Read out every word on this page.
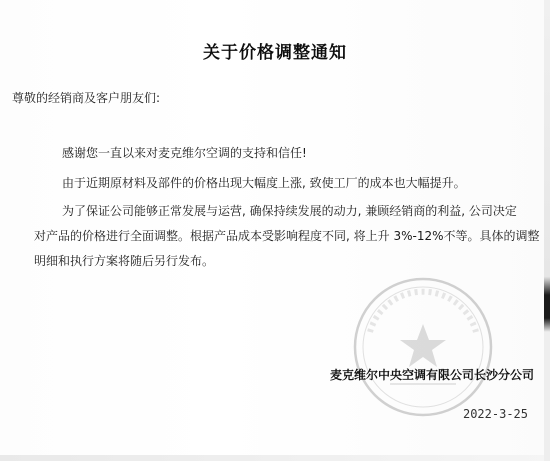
关于价格调整通知
尊敬的经销商及客户朋友们:
感谢您一直以来对麦克维尔空调的支持和信任!
由于近期原材料及部件的价格出现大幅度上涨, 致使工厂的成本也大幅提升。
为了保证公司能够正常发展与运营, 确保持续发展的动力, 兼顾经销商的利益, 公司决定
对产品的价格进行全面调整。根据产品成本受影响程度不同, 将上升 3%-12%不等。具体的调整
明细和执行方案将随后另行发布。
麦克维尔中央空调有限公司长沙分公司
2022-3-25
